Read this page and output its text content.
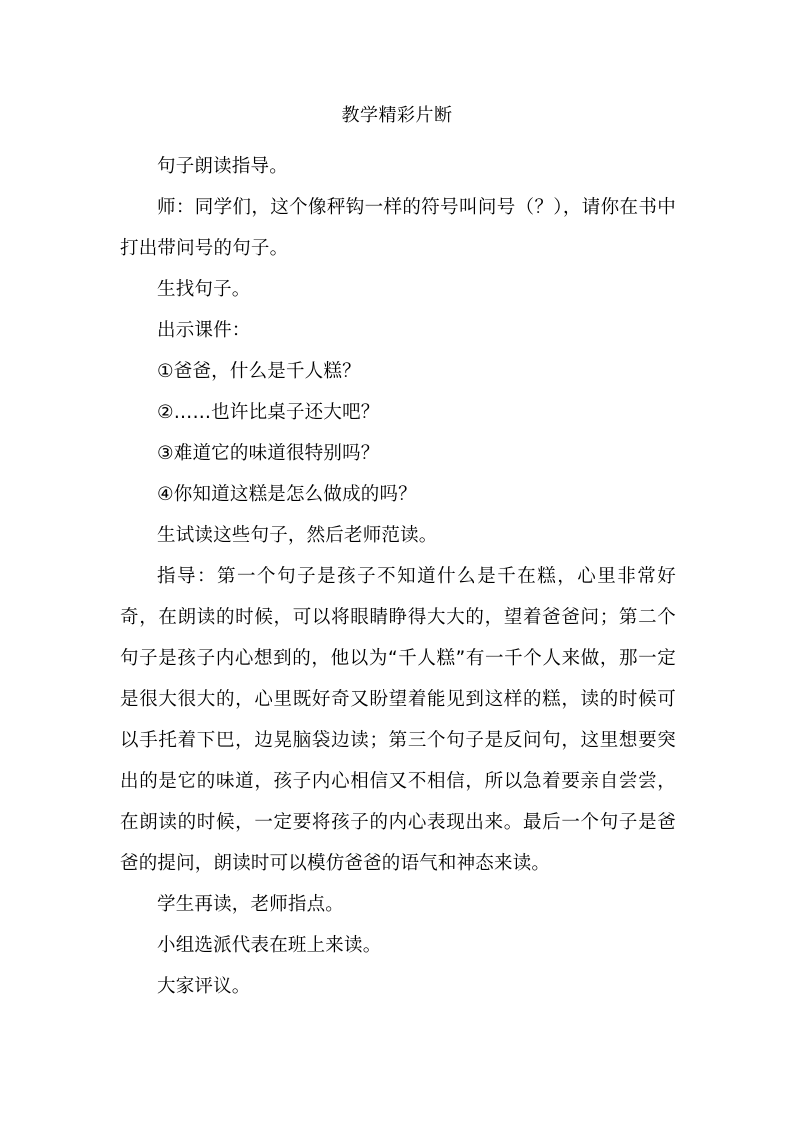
教学精彩片断

句子朗读指导。

师：同学们，这个像秤钩一样的符号叫问号（？），请你在书中打出带问号的句子。

生找句子。

出示课件：

①爸爸，什么是千人糕？

②……也许比桌子还大吧？

③难道它的味道很特别吗？

④你知道这糕是怎么做成的吗？

生试读这些句子，然后老师范读。

指导：第一个句子是孩子不知道什么是千在糕，心里非常好奇，在朗读的时候，可以将眼睛睁得大大的，望着爸爸问；第二个句子是孩子内心想到的，他以为“千人糕”有一千个人来做，那一定是很大很大的，心里既好奇又盼望着能见到这样的糕，读的时候可以手托着下巴，边晃脑袋边读；第三个句子是反问句，这里想要突出的是它的味道，孩子内心相信又不相信，所以急着要亲自尝尝，在朗读的时候，一定要将孩子的内心表现出来。最后一个句子是爸爸的提问，朗读时可以模仿爸爸的语气和神态来读。

学生再读，老师指点。

小组选派代表在班上来读。

大家评议。
